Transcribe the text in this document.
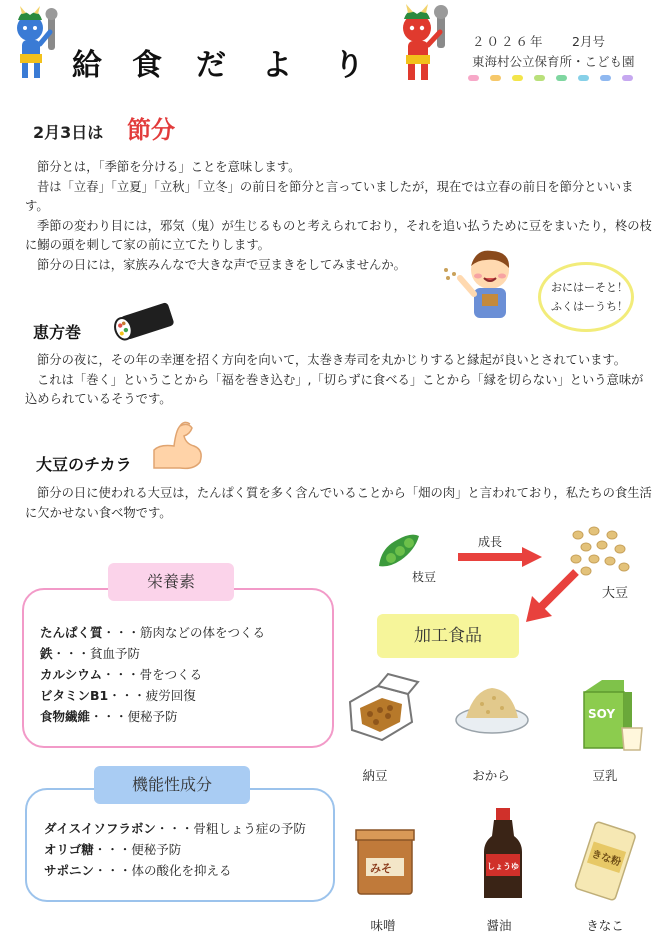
給 食 だ よ り
２０２６年 2月号
東海村公立保育所・こども園
2月3日は 節分

節分とは，「季節を分ける」ことを意味します。

昔は「立春」「立夏」「立秋」「立冬」の前日を節分と言っていましたが，現在では立春の前日を節分といいます。

季節の変わり目には，邪気（鬼）が生じるものと考えられており，それを追い払うために豆をまいたり，柊の枝に鰯の頭を刺して家の前に立てたりします。

節分の日には，家族みんなで大きな声で豆まきをしてみませんか。

おにはーそと！
ふくはーうち！
恵方巻

節分の夜に，その年の幸運を招く方向を向いて，太巻き寿司を丸かじりすると縁起が良いとされています。

これは「巻く」ということから「福を巻き込む」,「切らずに食べる」ことから「縁を切らない」という意味が込められているそうです。

大豆のチカラ
節分の日に使われる大豆は，たんぱく質を多く含んでいることから「畑の肉」と言われており，私たちの食生活に欠かせない食べ物です。
栄養素
たんぱく質・・・筋肉などの体をつくる
鉄・・・貧血予防
カルシウム・・・骨をつくる
ビタミンB1・・・疲労回復
食物繊維・・・便秘予防
機能性成分
ダイスイソフラボン・・・骨粗しょう症の予防
オリゴ糖・・・便秘予防
サポニン・・・体の酸化を抑える
枝豆
成長
大豆
加工食品
SOY
納豆	おから	豆乳
みそ	しょうゆ	きな粉
味噌	醤油	きなこ
